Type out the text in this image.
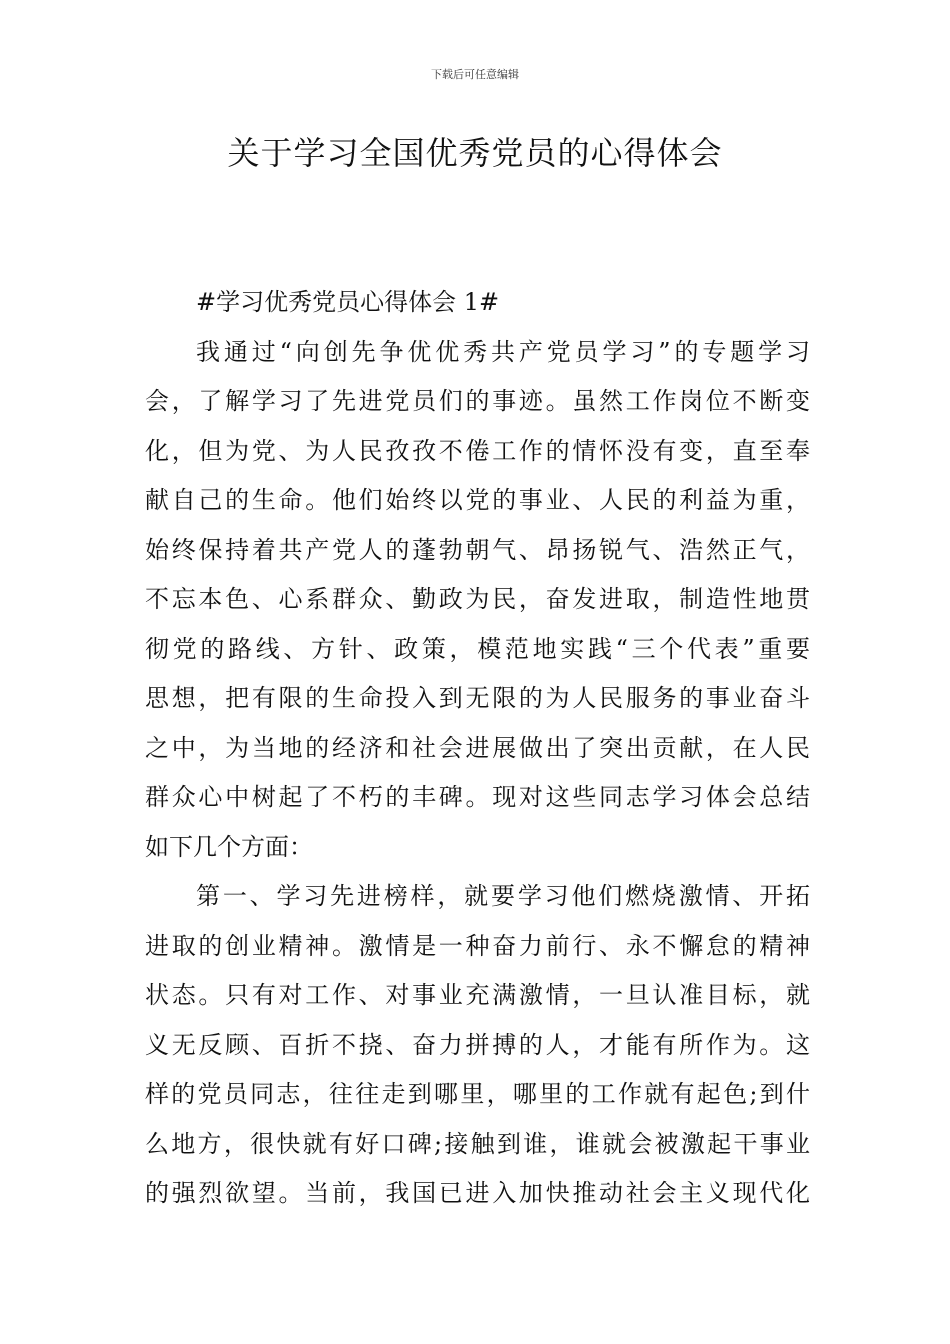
下载后可任意编辑
关于学习全国优秀党员的心得体会
#学习优秀党员心得体会 1#
我通过“向创先争优优秀共产党员学习”的专题学习
会，了解学习了先进党员们的事迹。虽然工作岗位不断变
化，但为党、为人民孜孜不倦工作的情怀没有变，直至奉
献自己的生命。他们始终以党的事业、人民的利益为重，
始终保持着共产党人的蓬勃朝气、昂扬锐气、浩然正气，
不忘本色、心系群众、勤政为民，奋发进取，制造性地贯
彻党的路线、方针、政策，模范地实践“三个代表”重要
思想，把有限的生命投入到无限的为人民服务的事业奋斗
之中，为当地的经济和社会进展做出了突出贡献，在人民
群众心中树起了不朽的丰碑。现对这些同志学习体会总结
如下几个方面：
第一、学习先进榜样，就要学习他们燃烧激情、开拓
进取的创业精神。激情是一种奋力前行、永不懈怠的精神
状态。只有对工作、对事业充满激情，一旦认准目标，就
义无反顾、百折不挠、奋力拼搏的人，才能有所作为。这
样的党员同志，往往走到哪里，哪里的工作就有起色;到什
么地方，很快就有好口碑;接触到谁，谁就会被激起干事业
的强烈欲望。当前，我国已进入加快推动社会主义现代化
